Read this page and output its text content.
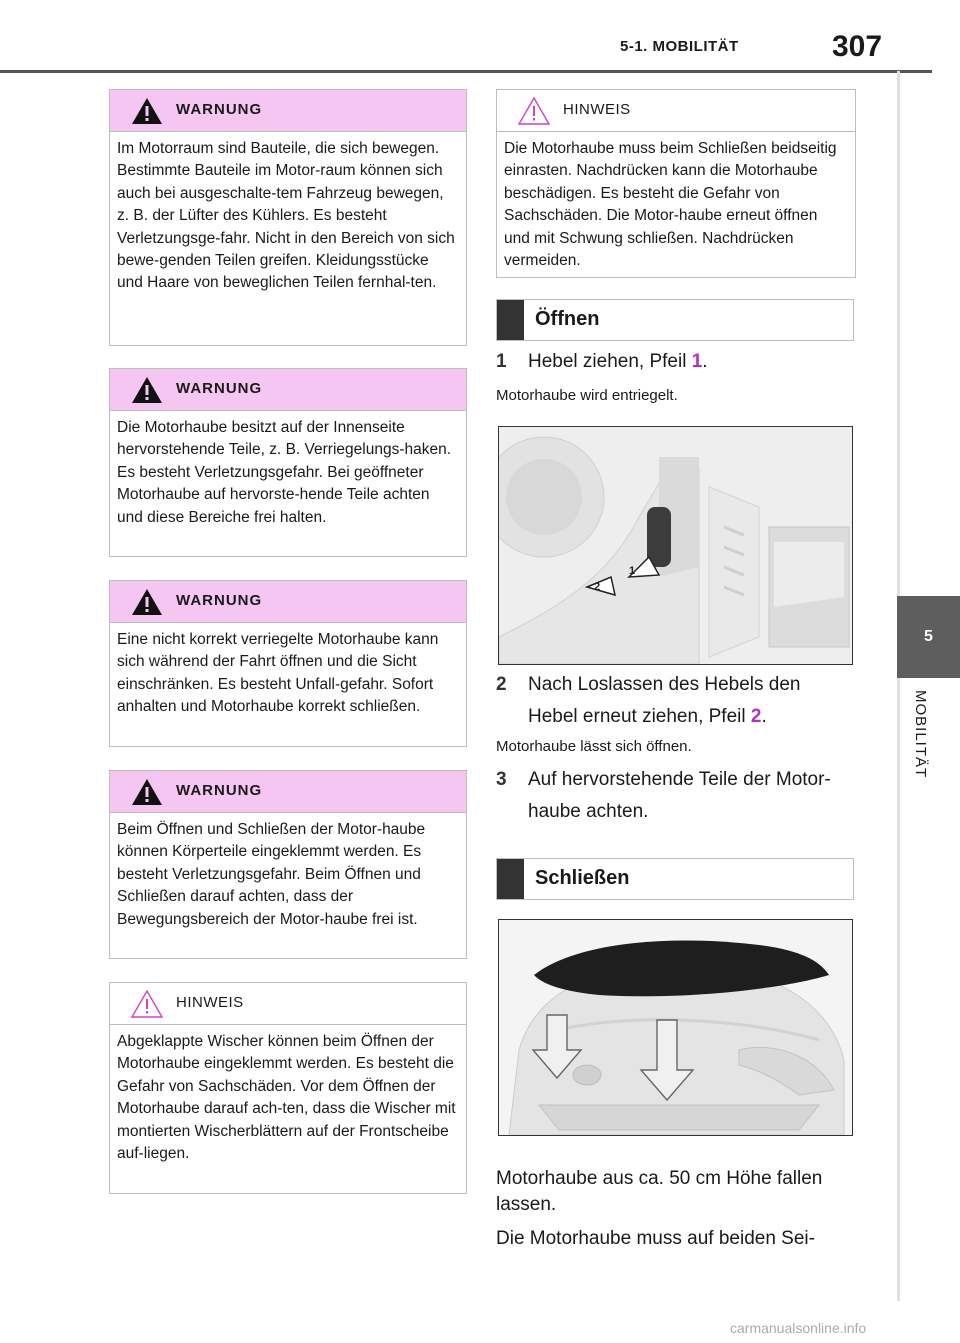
5-1. MOBILITÄT	307
5
MOBILITÄT
WARNUNG
Im Motorraum sind Bauteile, die sich bewegen. Bestimmte Bauteile im Motor-raum können sich auch bei ausgeschalte-tem Fahrzeug bewegen, z. B. der Lüfter des Kühlers. Es besteht Verletzungsge-fahr. Nicht in den Bereich von sich bewe-genden Teilen greifen. Kleidungsstücke und Haare von beweglichen Teilen fernhal-ten.
WARNUNG
Die Motorhaube besitzt auf der Innenseite hervorstehende Teile, z. B. Verriegelungs-haken. Es besteht Verletzungsgefahr. Bei geöffneter Motorhaube auf hervorste-hende Teile achten und diese Bereiche frei halten.
WARNUNG
Eine nicht korrekt verriegelte Motorhaube kann sich während der Fahrt öffnen und die Sicht einschränken. Es besteht Unfall-gefahr. Sofort anhalten und Motorhaube korrekt schließen.
WARNUNG
Beim Öffnen und Schließen der Motor-haube können Körperteile eingeklemmt werden. Es besteht Verletzungsgefahr. Beim Öffnen und Schließen darauf achten, dass der Bewegungsbereich der Motor-haube frei ist.
HINWEIS
Abgeklappte Wischer können beim Öffnen der Motorhaube eingeklemmt werden. Es besteht die Gefahr von Sachschäden. Vor dem Öffnen der Motorhaube darauf ach-ten, dass die Wischer mit montierten Wischerblättern auf der Frontscheibe auf-liegen.
HINWEIS
Die Motorhaube muss beim Schließen beidseitig einrasten. Nachdrücken kann die Motorhaube beschädigen. Es besteht die Gefahr von Sachschäden. Die Motor-haube erneut öffnen und mit Schwung schließen. Nachdrücken vermeiden.
Öffnen
1 Hebel ziehen, Pfeil 1.
Motorhaube wird entriegelt.
1
2
2 Nach Loslassen des Hebels den
Hebel erneut ziehen, Pfeil 2.
Motorhaube lässt sich öffnen.
3 Auf hervorstehende Teile der Motor-
haube achten.
Schließen
Motorhaube aus ca. 50 cm Höhe fallen
lassen.
Die Motorhaube muss auf beiden Sei-
carmanualsonline.info
